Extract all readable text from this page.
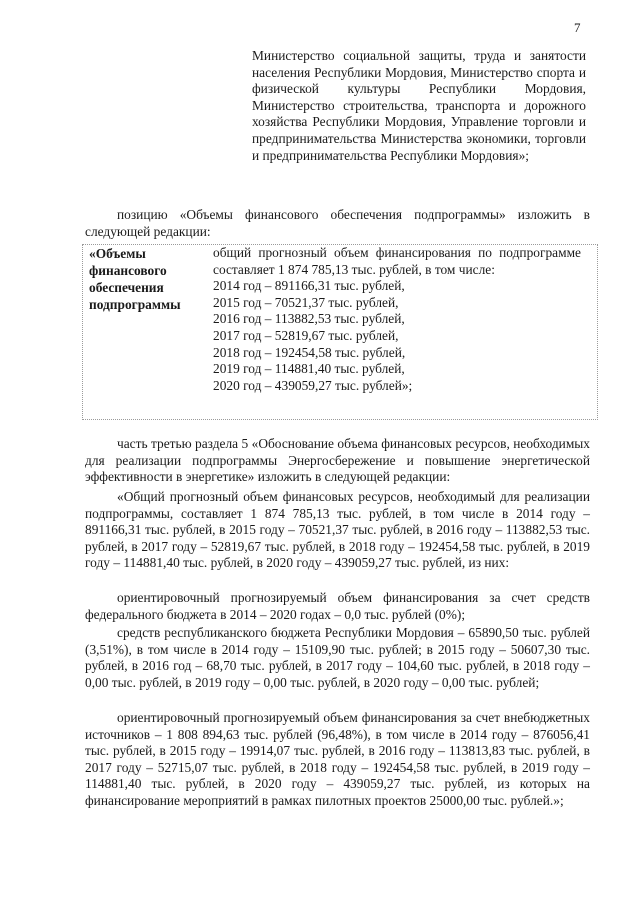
7
Министерство социальной защиты, труда и занятости населения Республики Мордовия, Министерство спорта и физической культуры Республики Мордовия, Министерство строительства, транспорта и дорожного хозяйства Республики Мордовия, Управление торговли и предпринимательства Министерства экономики, торговли и предпринимательства Республики Мордовия»;

позицию «Объемы финансового обеспечения подпрограммы» изложить в следующей редакции:

«Объемы финансового обеспечения подпрограммы

общий прогнозный объем финансирования по подпрограмме составляет 1 874 785,13 тыс. рублей, в том числе:

2014 год – 891166,31 тыс. рублей,
2015 год – 70521,37 тыс. рублей,
2016 год – 113882,53 тыс. рублей,
2017 год – 52819,67 тыс. рублей,
2018 год – 192454,58 тыс. рублей,
2019 год – 114881,40 тыс. рублей,
2020 год – 439059,27 тыс. рублей»;

часть третью раздела 5 «Обоснование объема финансовых ресурсов, необходимых для реализации подпрограммы Энергосбережение и повышение энергетической эффективности в энергетике» изложить в следующей редакции:

«Общий прогнозный объем финансовых ресурсов, необходимый для реализации подпрограммы, составляет 1 874 785,13 тыс. рублей, в том числе в 2014 году – 891166,31 тыс. рублей, в 2015 году – 70521,37 тыс. рублей, в 2016 году – 113882,53 тыс. рублей, в 2017 году – 52819,67 тыс. рублей, в 2018 году – 192454,58 тыс. рублей, в 2019 году – 114881,40 тыс. рублей, в 2020 году – 439059,27 тыс. рублей, из них:

ориентировочный прогнозируемый объем финансирования за счет средств федерального бюджета в 2014 – 2020 годах – 0,0 тыс. рублей (0%);

средств республиканского бюджета Республики Мордовия – 65890,50 тыс. рублей (3,51%), в том числе в 2014 году – 15109,90 тыс. рублей; в 2015 году – 50607,30 тыс. рублей, в 2016 год – 68,70 тыс. рублей, в 2017 году – 104,60 тыс. рублей, в 2018 году – 0,00 тыс. рублей, в 2019 году – 0,00 тыс. рублей, в 2020 году – 0,00 тыс. рублей;

ориентировочный прогнозируемый объем финансирования за счет внебюджетных источников – 1 808 894,63 тыс. рублей (96,48%), в том числе в 2014 году – 876056,41 тыс. рублей, в 2015 году – 19914,07 тыс. рублей, в 2016 году – 113813,83 тыс. рублей, в 2017 году – 52715,07 тыс. рублей, в 2018 году – 192454,58 тыс. рублей, в 2019 году – 114881,40 тыс. рублей, в 2020 году – 439059,27 тыс. рублей, из которых на финансирование мероприятий в рамках пилотных проектов 25000,00 тыс. рублей.»;
